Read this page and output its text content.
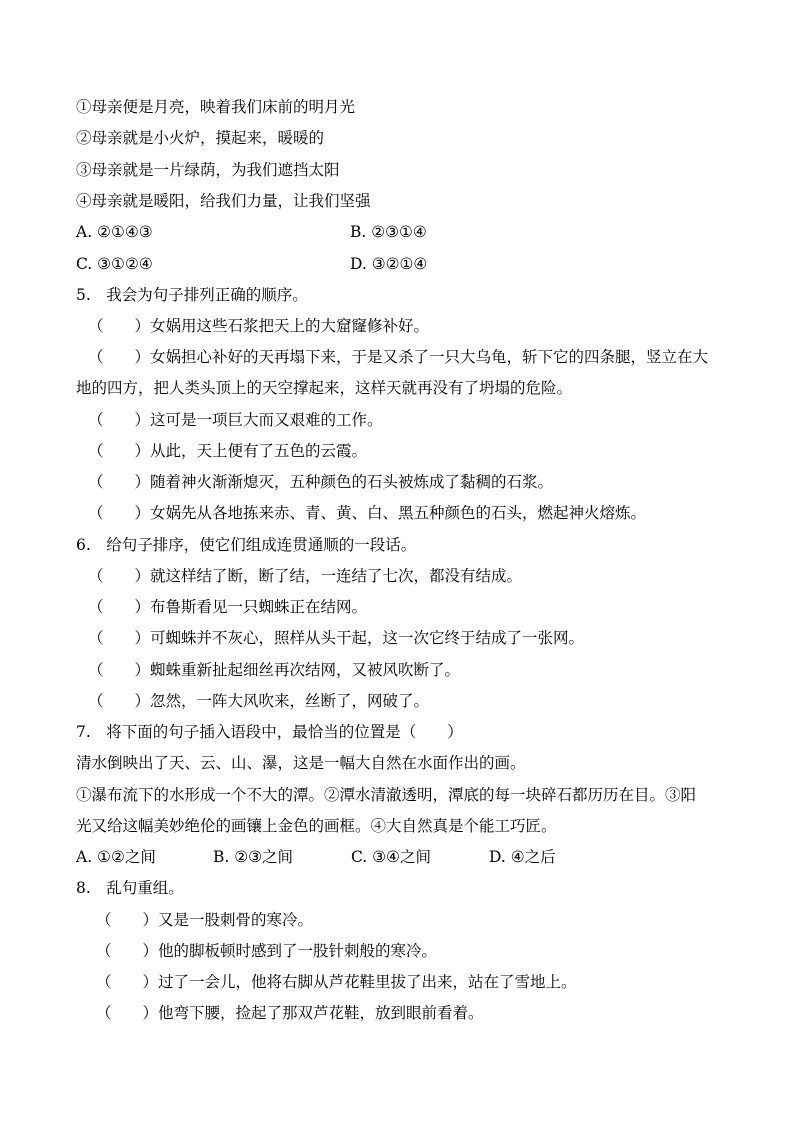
①母亲便是月亮，映着我们床前的明月光
②母亲就是小火炉，摸起来，暖暖的
③母亲就是一片绿荫，为我们遮挡太阳
④母亲就是暖阳，给我们力量，让我们坚强
A. ②①④③	B. ②③①④
C. ③①②④	D. ③②①④
5.　我会为句子排列正确的顺序。
（　　）女娲用这些石浆把天上的大窟窿修补好。
（　　）女娲担心补好的天再塌下来，于是又杀了一只大乌龟，斩下它的四条腿，竖立在大
地的四方，把人类头顶上的天空撑起来，这样天就再没有了坍塌的危险。
（　　）这可是一项巨大而又艰难的工作。
（　　）从此，天上便有了五色的云霞。
（　　）随着神火渐渐熄灭，五种颜色的石头被炼成了黏稠的石浆。
（　　）女娲先从各地拣来赤、青、黄、白、黑五种颜色的石头，燃起神火熔炼。
6.　给句子排序，使它们组成连贯通顺的一段话。
（　　）就这样结了断，断了结，一连结了七次，都没有结成。
（　　）布鲁斯看见一只蜘蛛正在结网。
（　　）可蜘蛛并不灰心，照样从头干起，这一次它终于结成了一张网。
（　　）蜘蛛重新扯起细丝再次结网，又被风吹断了。
（　　）忽然，一阵大风吹来，丝断了，网破了。
7.　将下面的句子插入语段中，最恰当的位置是（　　）
清水倒映出了天、云、山、瀑，这是一幅大自然在水面作出的画。
①瀑布流下的水形成一个不大的潭。②潭水清澈透明，潭底的每一块碎石都历历在目。③阳
光又给这幅美妙绝伦的画镶上金色的画框。④大自然真是个能工巧匠。
A. ①②之间	B. ②③之间	C. ③④之间	D. ④之后
8.　乱句重组。
（　　）又是一股刺骨的寒冷。
（　　）他的脚板顿时感到了一股针刺般的寒冷。
（　　）过了一会儿，他将右脚从芦花鞋里拔了出来，站在了雪地上。
（　　）他弯下腰，捡起了那双芦花鞋，放到眼前看着。
